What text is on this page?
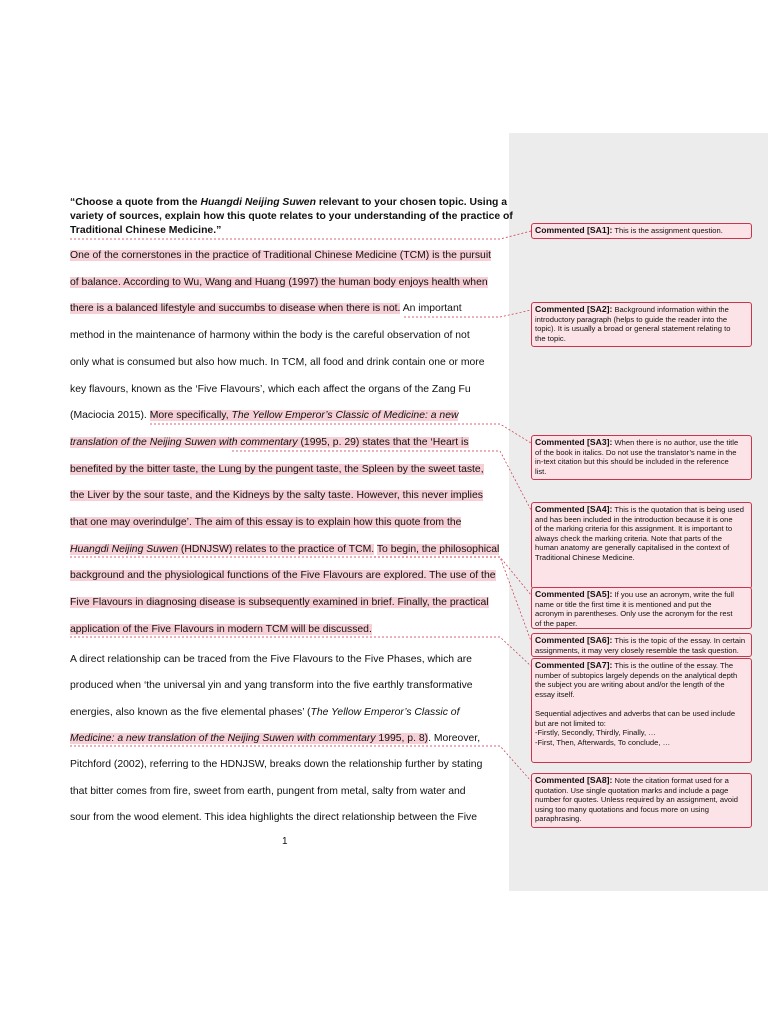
“Choose a quote from the Huangdi Neijing Suwen relevant to your chosen topic. Using a
variety of sources, explain how this quote relates to your understanding of the practice of
Traditional Chinese Medicine.”
One of the cornerstones in the practice of Traditional Chinese Medicine (TCM) is the pursuit
of balance. According to Wu, Wang and Huang (1997) the human body enjoys health when
there is a balanced lifestyle and succumbs to disease when there is not. An important
method in the maintenance of harmony within the body is the careful observation of not
only what is consumed but also how much. In TCM, all food and drink contain one or more
key flavours, known as the ‘Five Flavours’, which each affect the organs of the Zang Fu
(Maciocia 2015). More specifically, The Yellow Emperor’s Classic of Medicine: a new
translation of the Neijing Suwen with commentary (1995, p. 29) states that the ‘Heart is
benefited by the bitter taste, the Lung by the pungent taste, the Spleen by the sweet taste,
the Liver by the sour taste, and the Kidneys by the salty taste. However, this never implies
that one may overindulge’. The aim of this essay is to explain how this quote from the
Huangdi Neijing Suwen (HDNJSW) relates to the practice of TCM. To begin, the philosophical
background and the physiological functions of the Five Flavours are explored. The use of the
Five Flavours in diagnosing disease is subsequently examined in brief. Finally, the practical
application of the Five Flavours in modern TCM will be discussed.
A direct relationship can be traced from the Five Flavours to the Five Phases, which are
produced when ‘the universal yin and yang transform into the five earthly transformative
energies, also known as the five elemental phases’ (The Yellow Emperor’s Classic of
Medicine: a new translation of the Neijing Suwen with commentary 1995, p. 8). Moreover,
Pitchford (2002), referring to the HDNJSW, breaks down the relationship further by stating
that bitter comes from fire, sweet from earth, pungent from metal, salty from water and
sour from the wood element. This idea highlights the direct relationship between the Five
1
Commented [SA1]: This is the assignment question.
Commented [SA2]: Background information within the
introductory paragraph (helps to guide the reader into the
topic). It is usually a broad or general statement relating to
the topic.
Commented [SA3]: When there is no author, use the title
of the book in italics. Do not use the translator’s name in the
in-text citation but this should be included in the reference
list.
Commented [SA4]: This is the quotation that is being used
and has been included in the introduction because it is one
of the marking criteria for this assignment. It is important to
always check the marking criteria. Note that parts of the
human anatomy are generally capitalised in the context of
Traditional Chinese Medicine.
Commented [SA5]: If you use an acronym, write the full
name or title the first time it is mentioned and put the
acronym in parentheses. Only use the acronym for the rest
of the paper.
Commented [SA6]: This is the topic of the essay. In certain
assignments, it may very closely resemble the task question.
Commented [SA7]: This is the outline of the essay. The
number of subtopics largely depends on the analytical depth
the subject you are writing about and/or the length of the
essay itself.

Sequential adjectives and adverbs that can be used include
but are not limited to:
-Firstly, Secondly, Thirdly, Finally, …
-First, Then, Afterwards, To conclude, …
Commented [SA8]: Note the citation format used for a
quotation. Use single quotation marks and include a page
number for quotes. Unless required by an assignment, avoid
using too many quotations and focus more on using
paraphrasing.
